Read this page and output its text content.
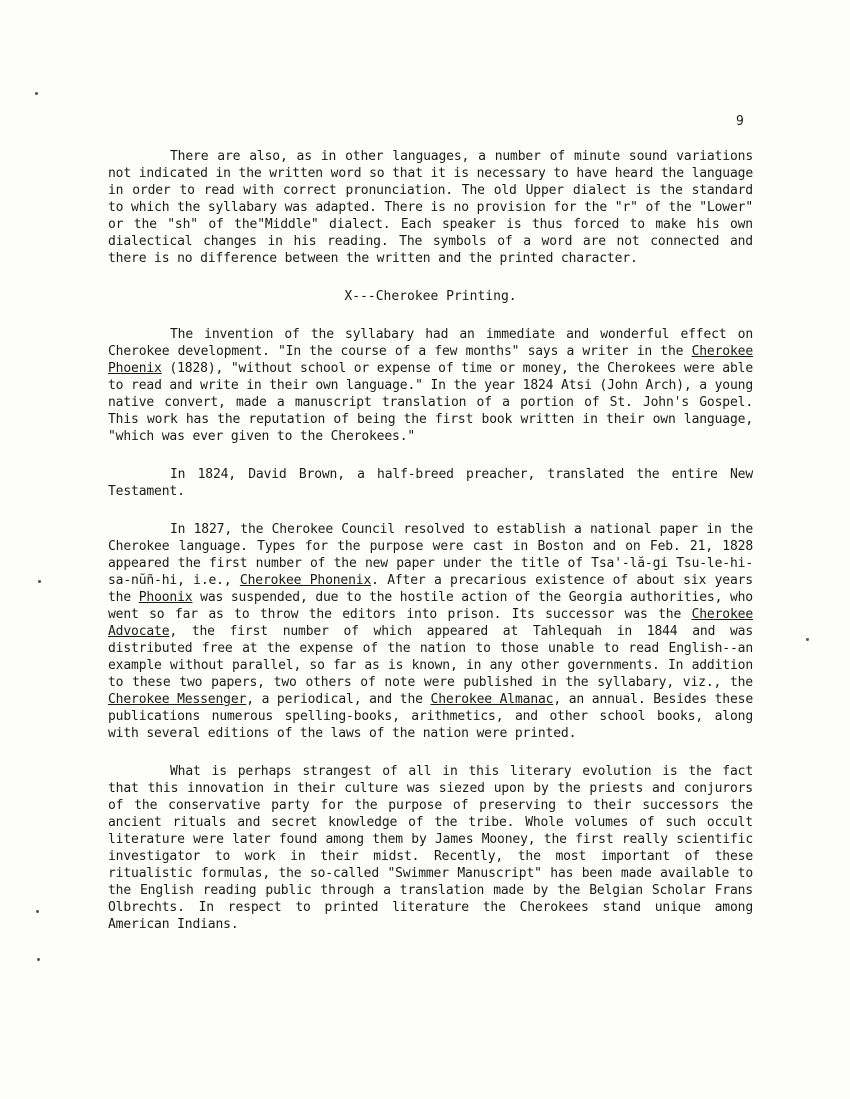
9

There are also, as in other languages, a number of minute sound variations not indicated in the written word so that it is necessary to have heard the language in order to read with correct pronunciation. The old Upper dialect is the standard to which the syllabary was adapted. There is no provision for the "r" of the "Lower" or the "sh" of the"Middle" dialect. Each speaker is thus forced to make his own dialectical changes in his reading. The symbols of a word are not connected and there is no difference between the written and the printed character.

X---Cherokee Printing.

The invention of the syllabary had an immediate and wonderful effect on Cherokee development. "In the course of a few months" says a writer in the Cherokee Phoenix (1828), "without school or expense of time or money, the Cherokees were able to read and write in their own language." In the year 1824 Atsi (John Arch), a young native convert, made a manuscript translation of a portion of St. John's Gospel. This work has the reputation of being the first book written in their own language, "which was ever given to the Cherokees."

In 1824, David Brown, a half-breed preacher, translated the entire New Testament.

In 1827, the Cherokee Council resolved to establish a national paper in the Cherokee language. Types for the purpose were cast in Boston and on Feb. 21, 1828 appeared the first number of the new paper under the title of Tsa'-lă-gi Tsu-le-hi-sa-nŭñ-hi, i.e., Cherokee Phonenix. After a precarious existence of about six years the Phoonix was suspended, due to the hostile action of the Georgia authorities, who went so far as to throw the editors into prison. Its successor was the Cherokee Advocate, the first number of which appeared at Tahlequah in 1844 and was distributed free at the expense of the nation to those unable to read English--an example without parallel, so far as is known, in any other governments. In addition to these two papers, two others of note were published in the syllabary, viz., the Cherokee Messenger, a periodical, and the Cherokee Almanac, an annual. Besides these publications numerous spelling-books, arithmetics, and other school books, along with several editions of the laws of the nation were printed.

What is perhaps strangest of all in this literary evolution is the fact that this innovation in their culture was siezed upon by the priests and conjurors of the conservative party for the purpose of preserving to their successors the ancient rituals and secret knowledge of the tribe. Whole volumes of such occult literature were later found among them by James Mooney, the first really scientific investigator to work in their midst. Recently, the most important of these ritualistic formulas, the so-called "Swimmer Manuscript" has been made available to the English reading public through a translation made by the Belgian Scholar Frans Olbrechts. In respect to printed literature the Cherokees stand unique among American Indians.
